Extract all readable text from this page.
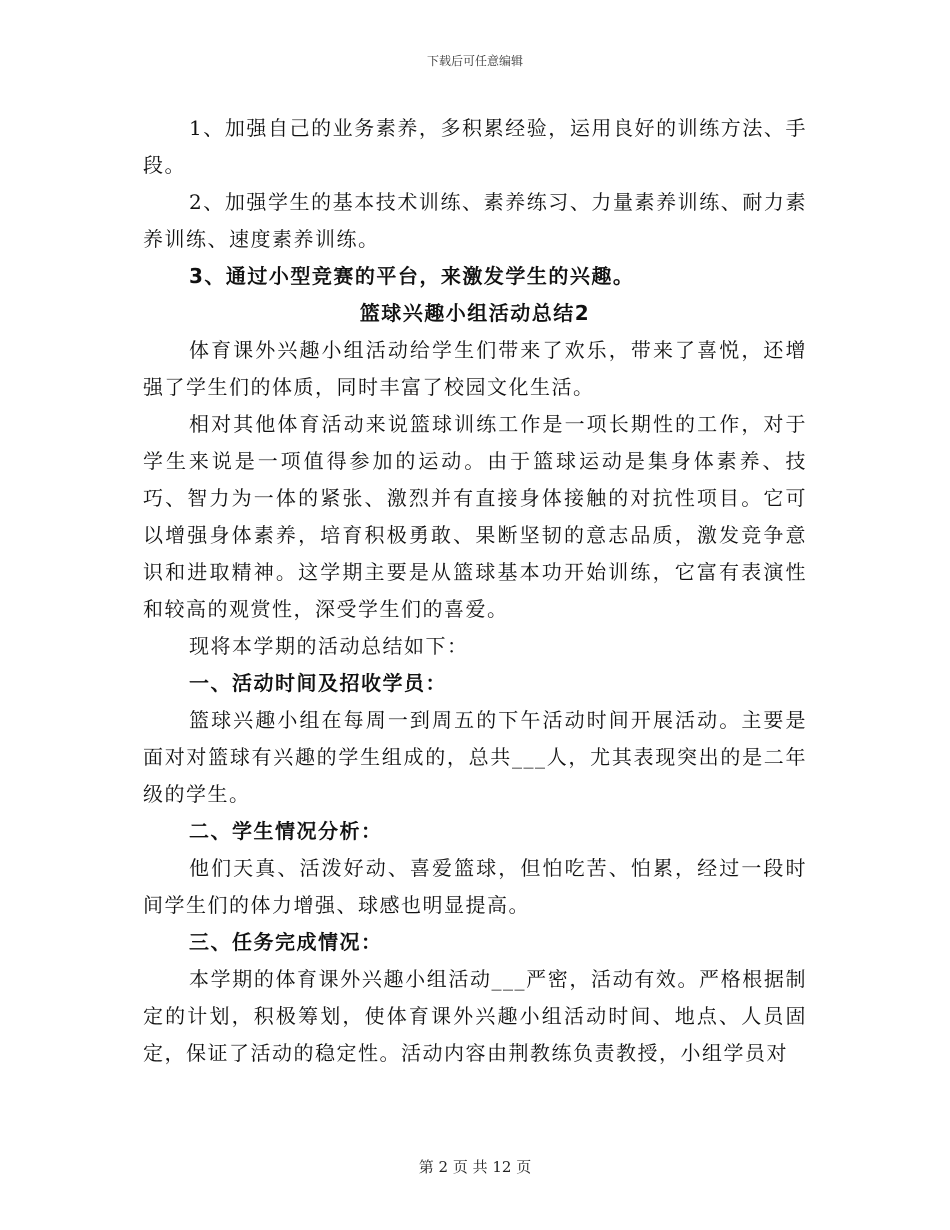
下载后可任意编辑

1、加强自己的业务素养，多积累经验，运用良好的训练方法、手段。

2、加强学生的基本技术训练、素养练习、力量素养训练、耐力素养训练、速度素养训练。

3、通过小型竞赛的平台，来激发学生的兴趣。

篮球兴趣小组活动总结2

体育课外兴趣小组活动给学生们带来了欢乐，带来了喜悦，还增强了学生们的体质，同时丰富了校园文化生活。

相对其他体育活动来说篮球训练工作是一项长期性的工作，对于学生来说是一项值得参加的运动。由于篮球运动是集身体素养、技巧、智力为一体的紧张、激烈并有直接身体接触的对抗性项目。它可以增强身体素养，培育积极勇敢、果断坚韧的意志品质，激发竞争意识和进取精神。这学期主要是从篮球基本功开始训练，它富有表演性和较高的观赏性，深受学生们的喜爱。

现将本学期的活动总结如下：

一、活动时间及招收学员：

篮球兴趣小组在每周一到周五的下午活动时间开展活动。主要是面对对篮球有兴趣的学生组成的，总共___人，尤其表现突出的是二年级的学生。

二、学生情况分析：

他们天真、活泼好动、喜爱篮球，但怕吃苦、怕累，经过一段时间学生们的体力增强、球感也明显提高。

三、任务完成情况：

本学期的体育课外兴趣小组活动___严密，活动有效。严格根据制定的计划，积极筹划，使体育课外兴趣小组活动时间、地点、人员固定，保证了活动的稳定性。活动内容由荆教练负责教授，小组学员对

第 2 页 共 12 页
